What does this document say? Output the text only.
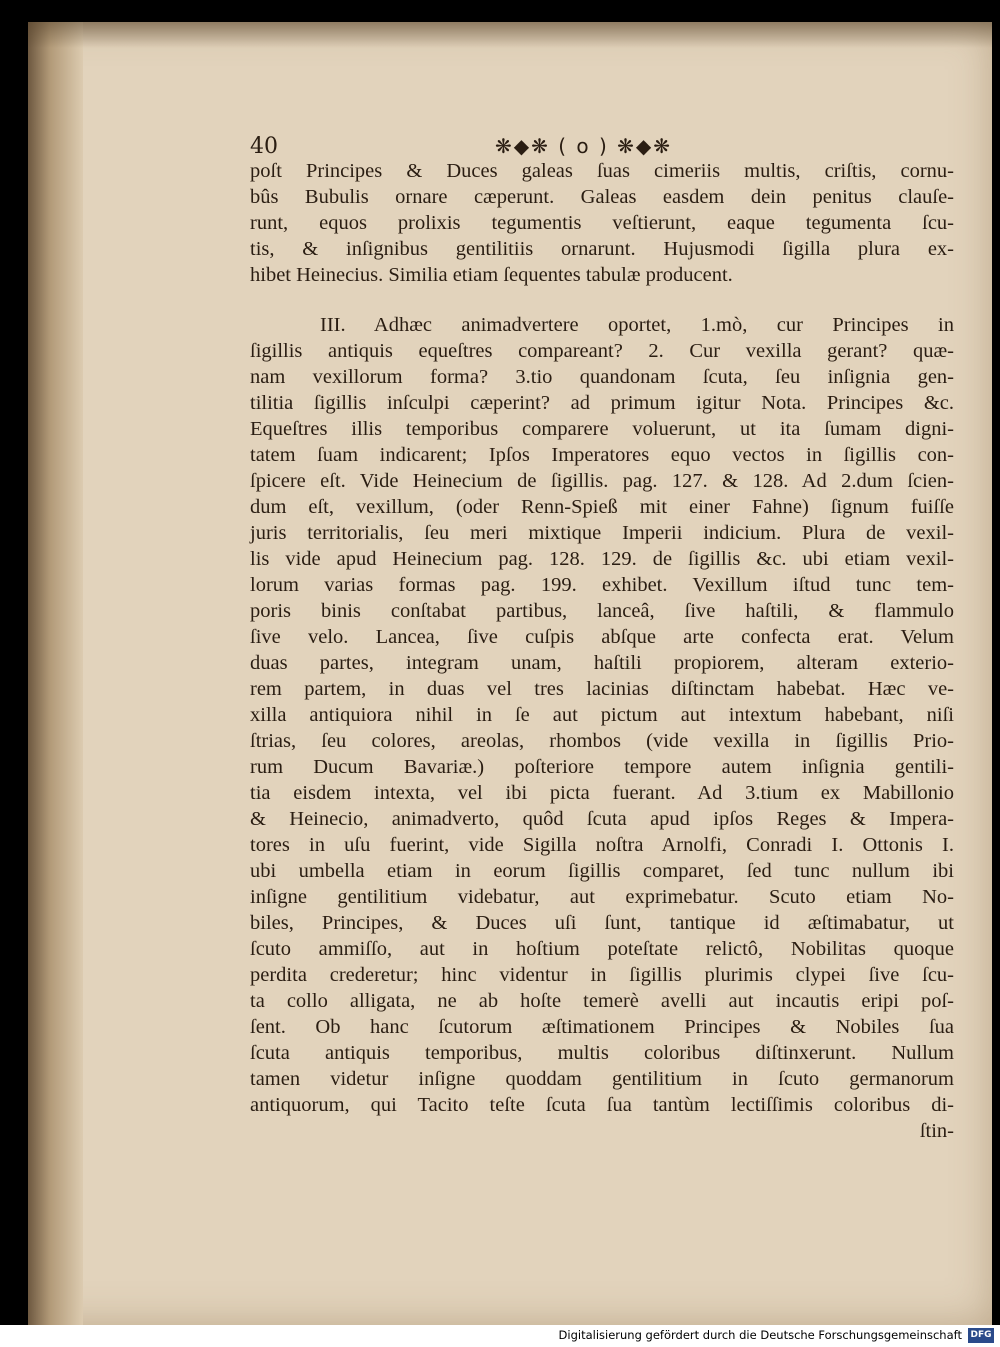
40	❋◆❋ ( o ) ❋◆❋
poſt Principes & Duces galeas ſuas cimeriis multis, criſtis, cornu-
bûs Bubulis ornare cæperunt. Galeas easdem dein penitus clauſe-
runt, equos prolixis tegumentis veſtierunt, eaque tegumenta ſcu-
tis, & inſignibus gentilitiis ornarunt. Hujusmodi ſigilla plura ex-
hibet Heinecius. Similia etiam ſequentes tabulæ producent.
III. Adhæc animadvertere oportet, 1.mò, cur Principes in
ſigillis antiquis equeſtres compareant? 2. Cur vexilla gerant? quæ-
nam vexillorum forma? 3.tio quandonam ſcuta, ſeu inſignia gen-
tilitia ſigillis inſculpi cæperint? ad primum igitur Nota. Principes &c.
Equeſtres illis temporibus comparere voluerunt, ut ita ſumam digni-
tatem ſuam indicarent; Ipſos Imperatores equo vectos in ſigillis con-
ſpicere eſt. Vide Heinecium de ſigillis. pag. 127. & 128. Ad 2.dum ſcien-
dum eſt, vexillum, (oder Renn-Spieß mit einer Fahne) ſignum fuiſſe
juris territorialis, ſeu meri mixtique Imperii indicium. Plura de vexil-
lis vide apud Heinecium pag. 128. 129. de ſigillis &c. ubi etiam vexil-
lorum varias formas pag. 199. exhibet. Vexillum iſtud tunc tem-
poris binis conſtabat partibus, lanceâ, ſive haſtili, & flammulo
ſive velo. Lancea, ſive cuſpis abſque arte confecta erat. Velum
duas partes, integram unam, haſtili propiorem, alteram exterio-
rem partem, in duas vel tres lacinias diſtinctam habebat. Hæc ve-
xilla antiquiora nihil in ſe aut pictum aut intextum habebant, niſi
ſtrias, ſeu colores, areolas, rhombos (vide vexilla in ſigillis Prio-
rum Ducum Bavariæ.) poſteriore tempore autem inſignia gentili-
tia eisdem intexta, vel ibi picta fuerant. Ad 3.tium ex Mabillonio
& Heinecio, animadverto, quôd ſcuta apud ipſos Reges & Impera-
tores in uſu fuerint, vide Sigilla noſtra Arnolfi, Conradi I. Ottonis I.
ubi umbella etiam in eorum ſigillis comparet, ſed tunc nullum ibi
inſigne gentilitium videbatur, aut exprimebatur. Scuto etiam No-
biles, Principes, & Duces uſi ſunt, tantique id æſtimabatur, ut
ſcuto ammiſſo, aut in hoſtium poteſtate relictô, Nobilitas quoque
perdita crederetur; hinc videntur in ſigillis plurimis clypei ſive ſcu-
ta collo alligata, ne ab hoſte temerè avelli aut incautis eripi poſ-
ſent. Ob hanc ſcutorum æſtimationem Principes & Nobiles ſua
ſcuta antiquis temporibus, multis coloribus diſtinxerunt. Nullum
tamen videtur inſigne quoddam gentilitium in ſcuto germanorum
antiquorum, qui Tacito teſte ſcuta ſua tantùm lectiſſimis coloribus di-
ſtin-
Digitalisierung gefördert durch die Deutsche Forschungsgemeinschaft DFG
